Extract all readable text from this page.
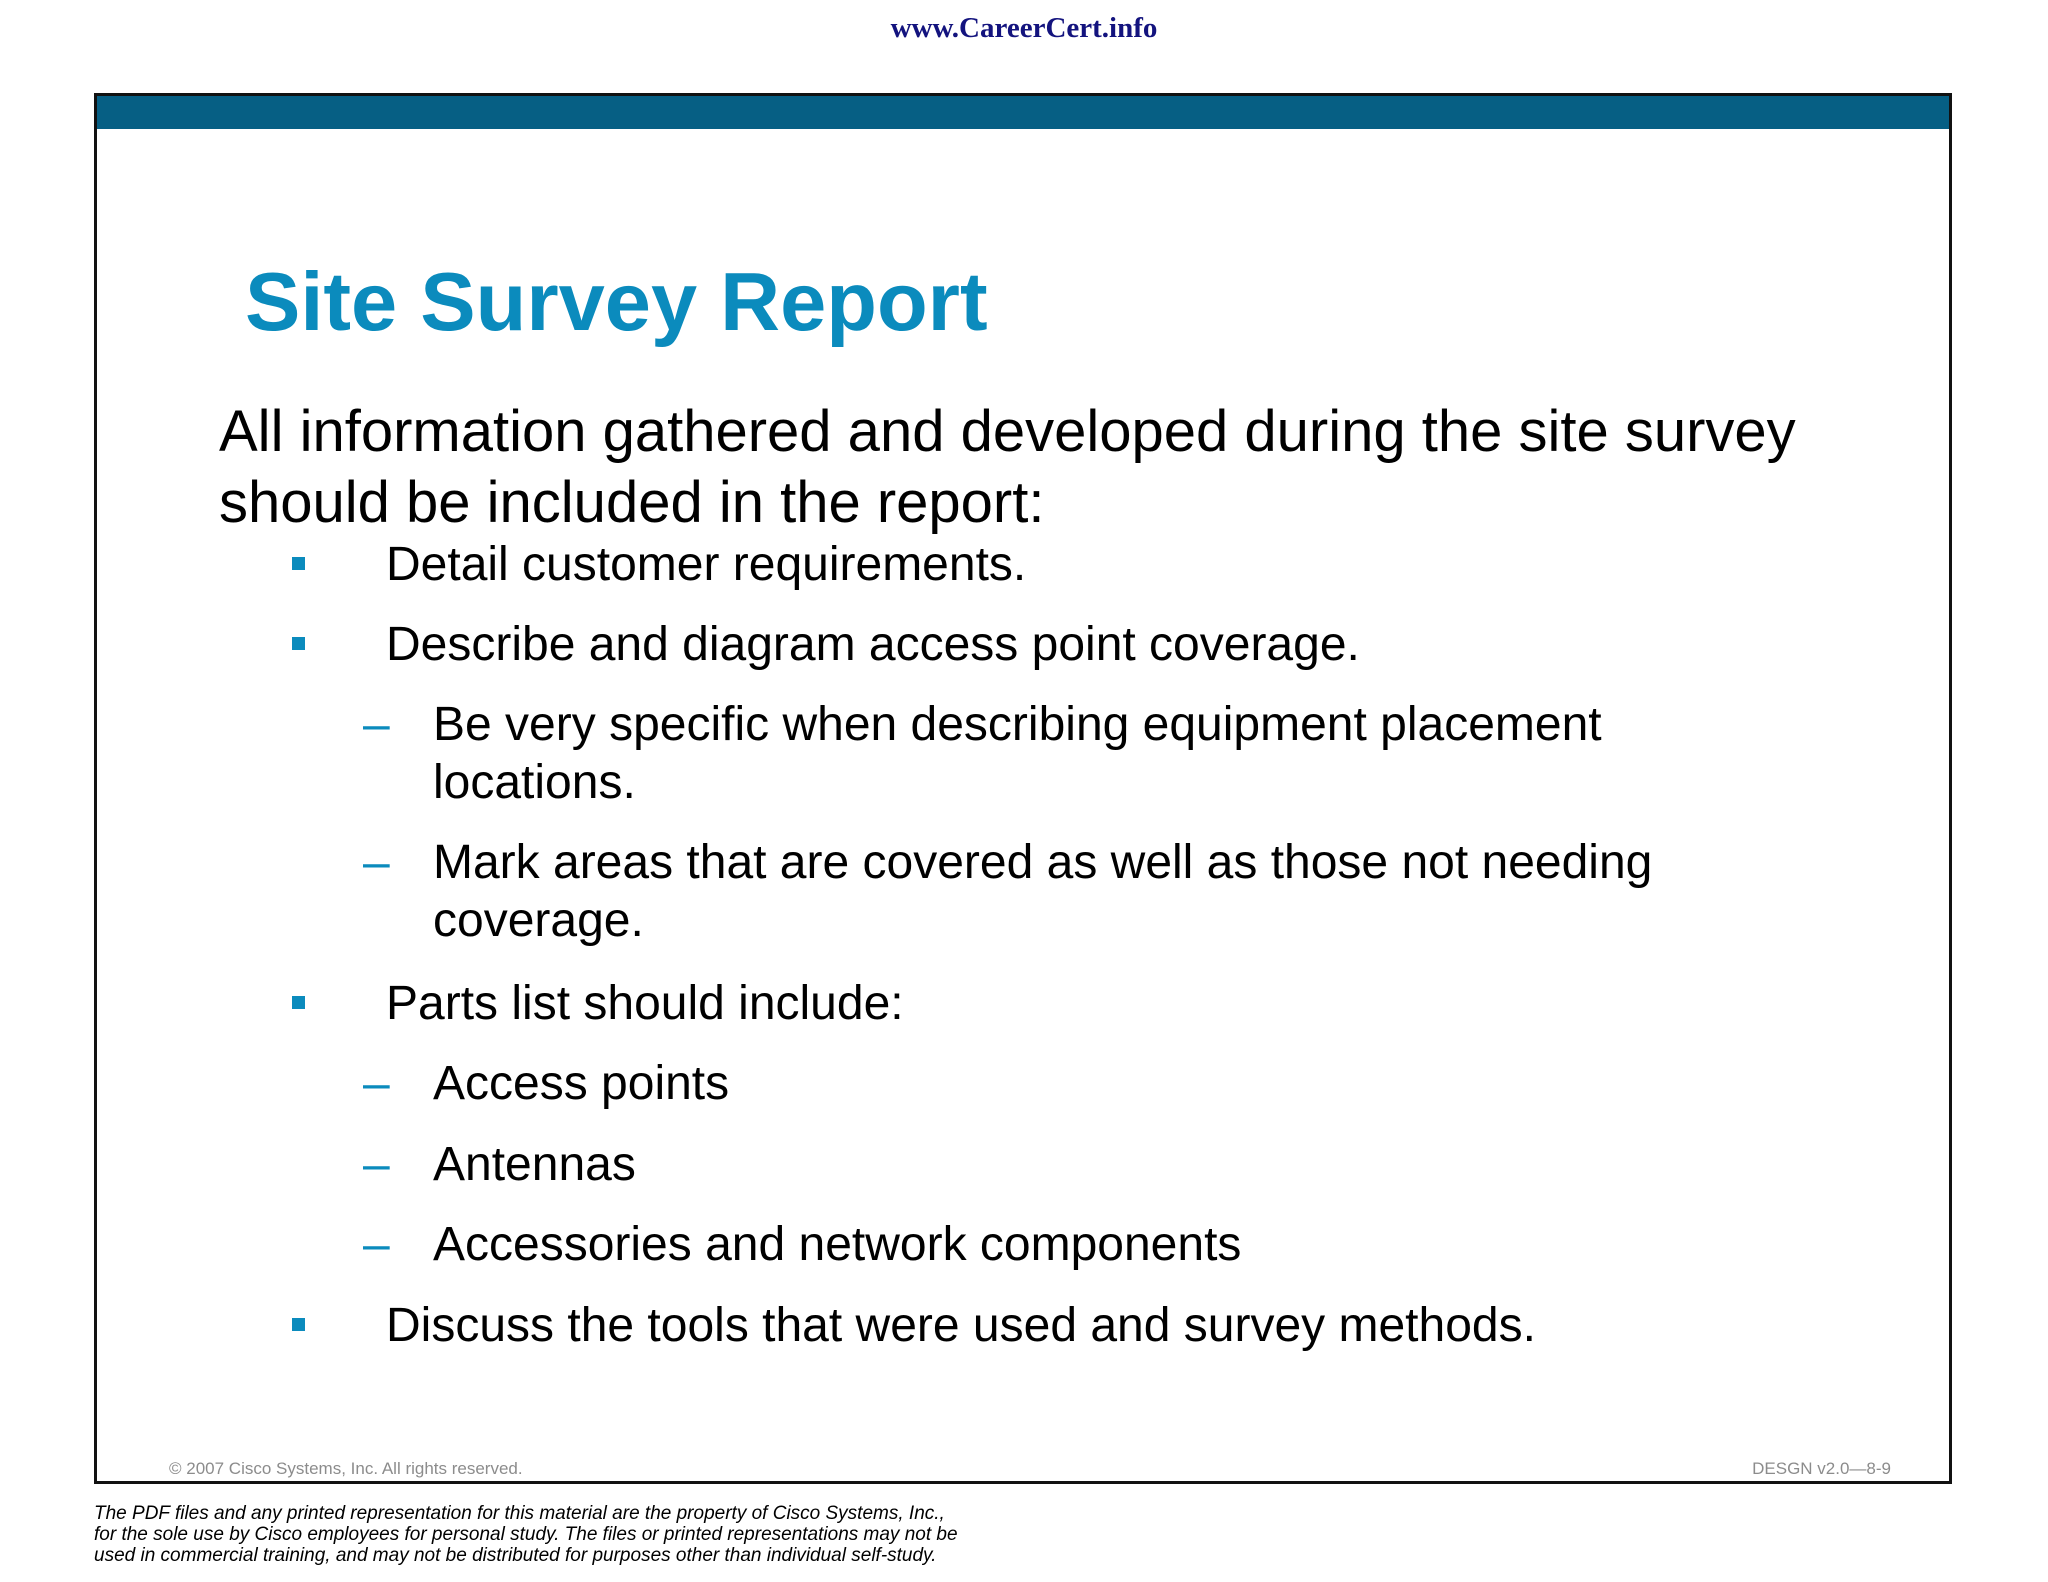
www.CareerCert.info
Site Survey Report
All information gathered and developed during the site survey should be included in the report:
Detail customer requirements.
Describe and diagram access point coverage.
– Be very specific when describing equipment placement
locations.
– Mark areas that are covered as well as those not needing
coverage.
Parts list should include:
– Access points
– Antennas
– Accessories and network components
Discuss the tools that were used and survey methods.
© 2007 Cisco Systems, Inc. All rights reserved.	DESGN v2.0—8-9
The PDF files and any printed representation for this material are the property of Cisco Systems, Inc.,
for the sole use by Cisco employees for personal study. The files or printed representations may not be
used in commercial training, and may not be distributed for purposes other than individual self-study.
